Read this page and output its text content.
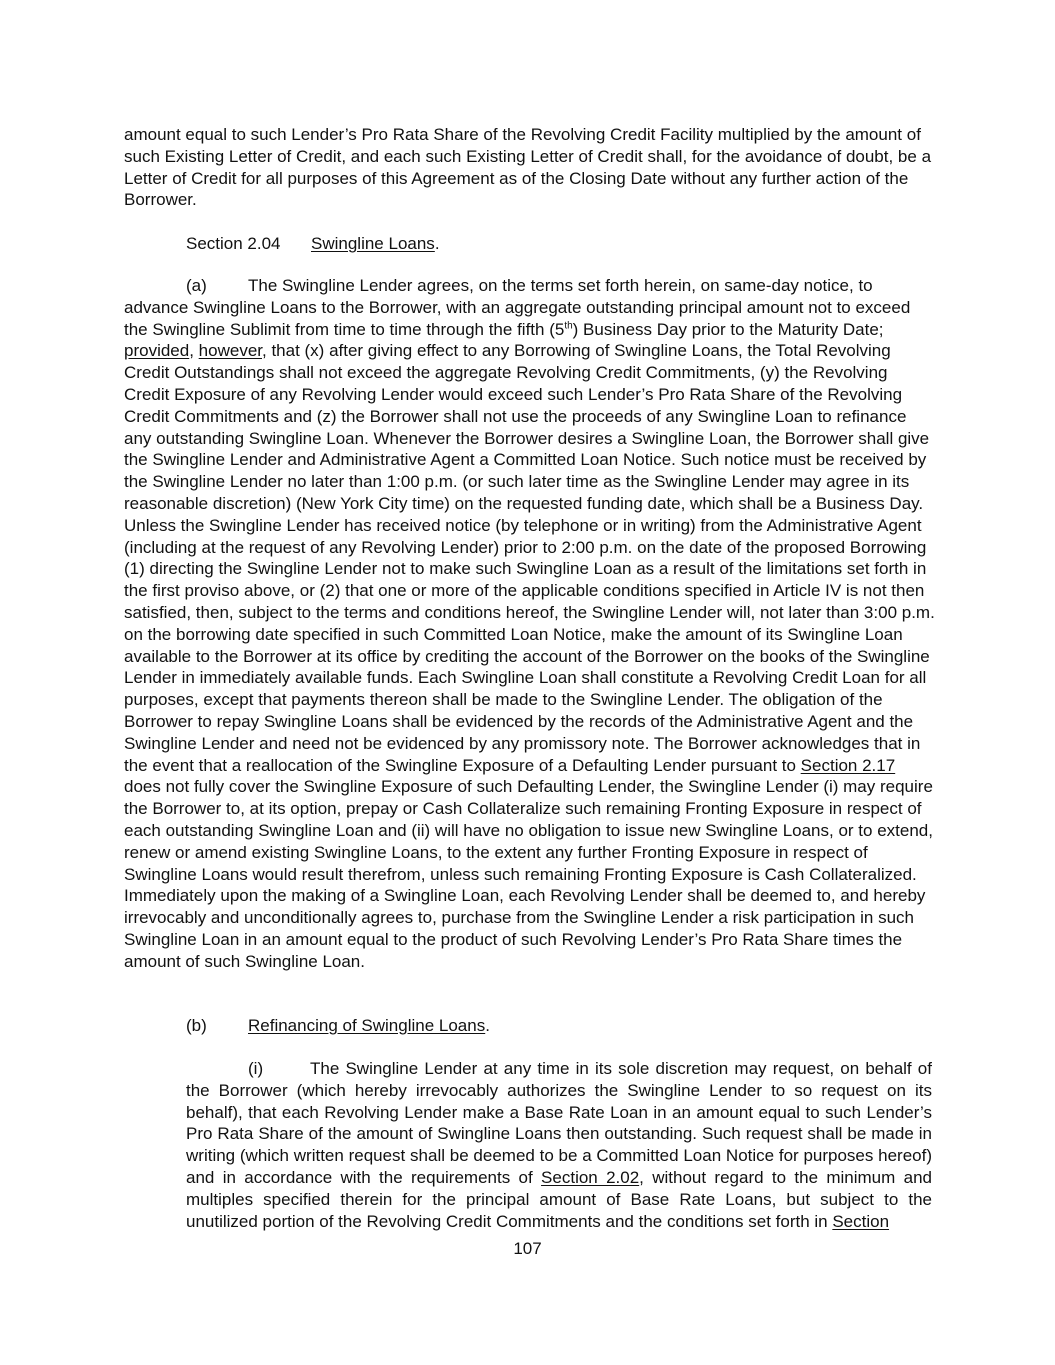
amount equal to such Lender’s Pro Rata Share of the Revolving Credit Facility multiplied by the amount of such Existing Letter of Credit, and each such Existing Letter of Credit shall, for the avoidance of doubt, be a Letter of Credit for all purposes of this Agreement as of the Closing Date without any further action of the Borrower.

Section 2.04 Swingline Loans.

(a) The Swingline Lender agrees, on the terms set forth herein, on same-day notice, to advance Swingline Loans to the Borrower, with an aggregate outstanding principal amount not to exceed the Swingline Sublimit from time to time through the fifth (5th) Business Day prior to the Maturity Date; provided, however, that (x) after giving effect to any Borrowing of Swingline Loans, the Total Revolving Credit Outstandings shall not exceed the aggregate Revolving Credit Commitments, (y) the Revolving Credit Exposure of any Revolving Lender would exceed such Lender’s Pro Rata Share of the Revolving Credit Commitments and (z) the Borrower shall not use the proceeds of any Swingline Loan to refinance any outstanding Swingline Loan. Whenever the Borrower desires a Swingline Loan, the Borrower shall give the Swingline Lender and Administrative Agent a Committed Loan Notice. Such notice must be received by the Swingline Lender no later than 1:00 p.m. (or such later time as the Swingline Lender may agree in its reasonable discretion) (New York City time) on the requested funding date, which shall be a Business Day. Unless the Swingline Lender has received notice (by telephone or in writing) from the Administrative Agent (including at the request of any Revolving Lender) prior to 2:00 p.m. on the date of the proposed Borrowing (1) directing the Swingline Lender not to make such Swingline Loan as a result of the limitations set forth in the first proviso above, or (2) that one or more of the applicable conditions specified in Article IV is not then satisfied, then, subject to the terms and conditions hereof, the Swingline Lender will, not later than 3:00 p.m. on the borrowing date specified in such Committed Loan Notice, make the amount of its Swingline Loan available to the Borrower at its office by crediting the account of the Borrower on the books of the Swingline Lender in immediately available funds. Each Swingline Loan shall constitute a Revolving Credit Loan for all purposes, except that payments thereon shall be made to the Swingline Lender. The obligation of the Borrower to repay Swingline Loans shall be evidenced by the records of the Administrative Agent and the Swingline Lender and need not be evidenced by any promissory note. The Borrower acknowledges that in the event that a reallocation of the Swingline Exposure of a Defaulting Lender pursuant to Section 2.17 does not fully cover the Swingline Exposure of such Defaulting Lender, the Swingline Lender (i) may require the Borrower to, at its option, prepay or Cash Collateralize such remaining Fronting Exposure in respect of each outstanding Swingline Loan and (ii) will have no obligation to issue new Swingline Loans, or to extend, renew or amend existing Swingline Loans, to the extent any further Fronting Exposure in respect of Swingline Loans would result therefrom, unless such remaining Fronting Exposure is Cash Collateralized. Immediately upon the making of a Swingline Loan, each Revolving Lender shall be deemed to, and hereby irrevocably and unconditionally agrees to, purchase from the Swingline Lender a risk participation in such Swingline Loan in an amount equal to the product of such Revolving Lender’s Pro Rata Share times the amount of such Swingline Loan.

(b) Refinancing of Swingline Loans.

(i)	The Swingline Lender at any time in its sole discretion may request, on behalf of the Borrower (which hereby irrevocably authorizes the Swingline Lender to so request on its behalf), that each Revolving Lender make a Base Rate Loan in an amount equal to such Lender’s Pro Rata Share of the amount of Swingline Loans then outstanding. Such request shall be made in writing (which written request shall be deemed to be a Committed Loan Notice for purposes hereof) and in accordance with the requirements of Section 2.02, without regard to the minimum and multiples specified therein for the principal amount of Base Rate Loans, but subject to the unutilized portion of the Revolving Credit Commitments and the conditions set forth in Section

107
